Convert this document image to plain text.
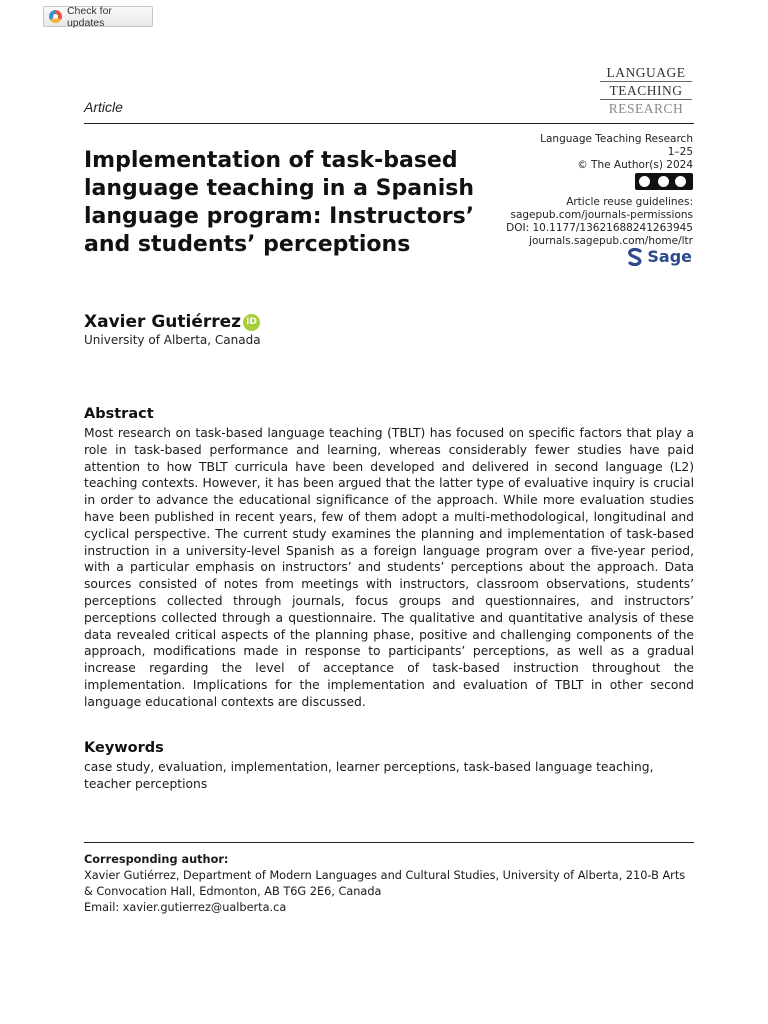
Check for updates
LANGUAGE
TEACHING
RESEARCH
Article
Implementation of task-based language teaching in a Spanish language program: Instructors’ and students’ perceptions
Language Teaching Research
1–25
© The Author(s) 2024
Article reuse guidelines:
sagepub.com/journals-permissions
DOI: 10.1177/13621688241263945
journals.sagepub.com/home/ltr
Sage
Xavier Gutiérrez iD
University of Alberta, Canada
Abstract

Most research on task-based language teaching (TBLT) has focused on specific factors that play a role in task-based performance and learning, whereas considerably fewer studies have paid attention to how TBLT curricula have been developed and delivered in second language (L2) teaching contexts. However, it has been argued that the latter type of evaluative inquiry is crucial in order to advance the educational significance of the approach. While more evaluation studies have been published in recent years, few of them adopt a multi-methodological, longitudinal and cyclical perspective. The current study examines the planning and implementation of task-based instruction in a university-level Spanish as a foreign language program over a five-year period, with a particular emphasis on instructors’ and students’ perceptions about the approach. Data sources consisted of notes from meetings with instructors, classroom observations, students’ perceptions collected through journals, focus groups and questionnaires, and instructors’ perceptions collected through a questionnaire. The qualitative and quantitative analysis of these data revealed critical aspects of the planning phase, positive and challenging components of the approach, modifications made in response to participants’ perceptions, as well as a gradual increase regarding the level of acceptance of task-based instruction throughout the implementation. Implications for the implementation and evaluation of TBLT in other second language educational contexts are discussed.

Keywords

case study, evaluation, implementation, learner perceptions, task-based language teaching, teacher perceptions

Corresponding author:
Xavier Gutiérrez, Department of Modern Languages and Cultural Studies, University of Alberta, 210-B Arts & Convocation Hall, Edmonton, AB T6G 2E6, Canada
Email: xavier.gutierrez@ualberta.ca
